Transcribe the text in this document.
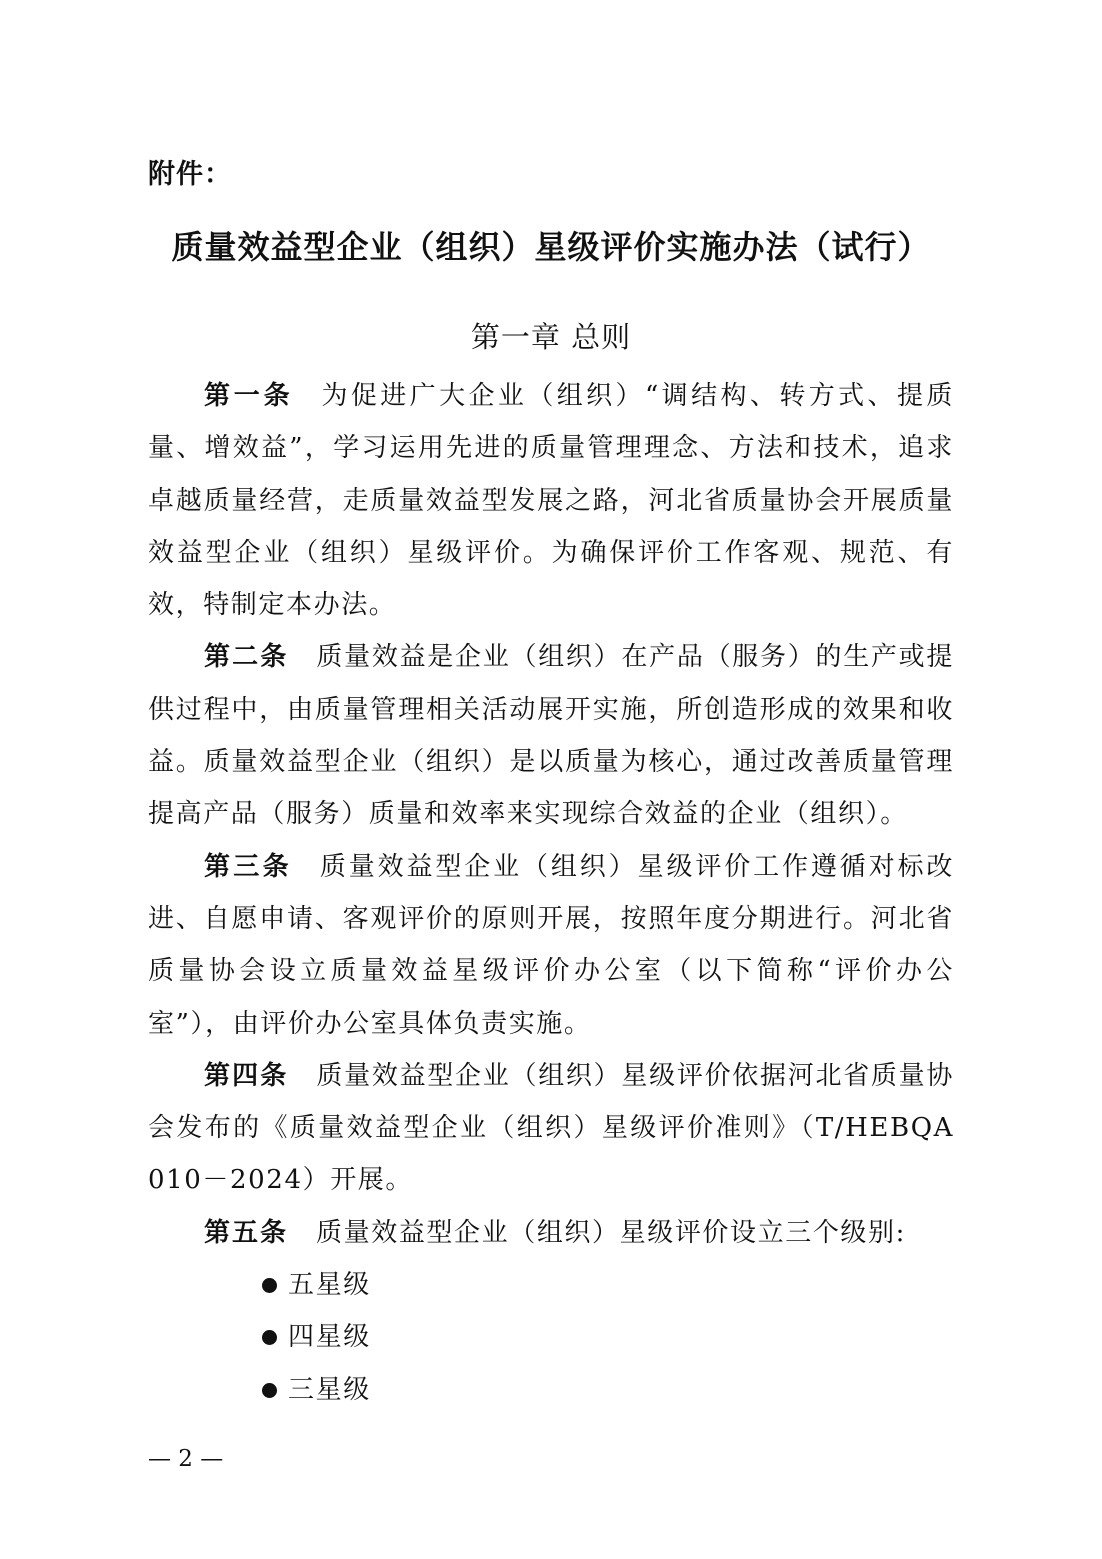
附件：
质量效益型企业（组织）星级评价实施办法（试行）
第一章 总则

第一条 为促进广大企业（组织）“调结构、转方式、提质量、增效益”，学习运用先进的质量管理理念、方法和技术，追求卓越质量经营，走质量效益型发展之路，河北省质量协会开展质量效益型企业（组织）星级评价。为确保评价工作客观、规范、有效，特制定本办法。

第二条 质量效益是企业（组织）在产品（服务）的生产或提供过程中，由质量管理相关活动展开实施，所创造形成的效果和收益。质量效益型企业（组织）是以质量为核心，通过改善质量管理提高产品（服务）质量和效率来实现综合效益的企业（组织）。

第三条 质量效益型企业（组织）星级评价工作遵循对标改进、自愿申请、客观评价的原则开展，按照年度分期进行。河北省质量协会设立质量效益星级评价办公室（以下简称“评价办公室”），由评价办公室具体负责实施。

第四条 质量效益型企业（组织）星级评价依据河北省质量协会发布的《质量效益型企业（组织）星级评价准则》（T/HEBQA 010－2024）开展。

第五条 质量效益型企业（组织）星级评价设立三个级别:

五星级
四星级
三星级
— 2 —
